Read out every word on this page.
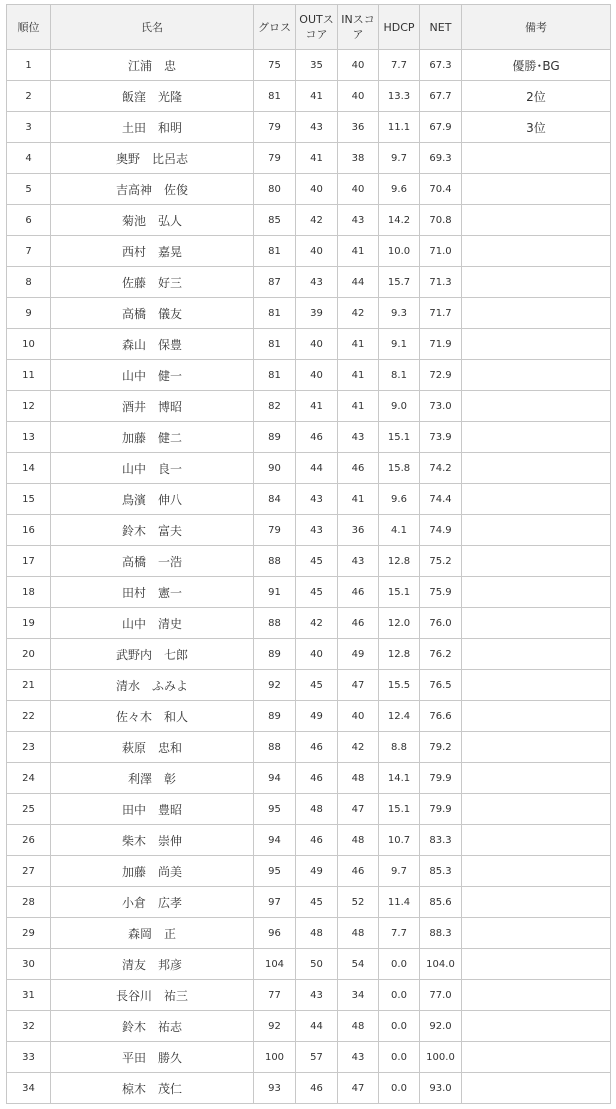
順位	氏名	グロス	OUTスコア	INスコア	HDCP	NET	備考
1	江浦　忠	75	35	40	7.7	67.3	優勝･BG
2	飯窪　光隆	81	41	40	13.3	67.7	2位
3	土田　和明	79	43	36	11.1	67.9	3位
4	奥野　比呂志	79	41	38	9.7	69.3	
5	吉高神　佐俊	80	40	40	9.6	70.4	
6	菊池　弘人	85	42	43	14.2	70.8	
7	西村　嘉晃	81	40	41	10.0	71.0	
8	佐藤　好三	87	43	44	15.7	71.3	
9	高橋　儀友	81	39	42	9.3	71.7	
10	森山　保豊	81	40	41	9.1	71.9	
11	山中　健一	81	40	41	8.1	72.9	
12	酒井　博昭	82	41	41	9.0	73.0	
13	加藤　健二	89	46	43	15.1	73.9	
14	山中　良一	90	44	46	15.8	74.2	
15	鳥濱　伸八	84	43	41	9.6	74.4	
16	鈴木　富夫	79	43	36	4.1	74.9	
17	高橋　一浩	88	45	43	12.8	75.2	
18	田村　憲一	91	45	46	15.1	75.9	
19	山中　清史	88	42	46	12.0	76.0	
20	武野内　七郎	89	40	49	12.8	76.2	
21	清水　ふみよ	92	45	47	15.5	76.5	
22	佐々木　和人	89	49	40	12.4	76.6	
23	萩原　忠和	88	46	42	8.8	79.2	
24	利澤　彰	94	46	48	14.1	79.9	
25	田中　豊昭	95	48	47	15.1	79.9	
26	柴木　崇伸	94	46	48	10.7	83.3	
27	加藤　尚美	95	49	46	9.7	85.3	
28	小倉　広孝	97	45	52	11.4	85.6	
29	森岡　正	96	48	48	7.7	88.3	
30	清友　邦彦	104	50	54	0.0	104.0	
31	長谷川　祐三	77	43	34	0.0	77.0	
32	鈴木　祐志	92	44	48	0.0	92.0	
33	平田　勝久	100	57	43	0.0	100.0	
34	椋木　茂仁	93	46	47	0.0	93.0	
